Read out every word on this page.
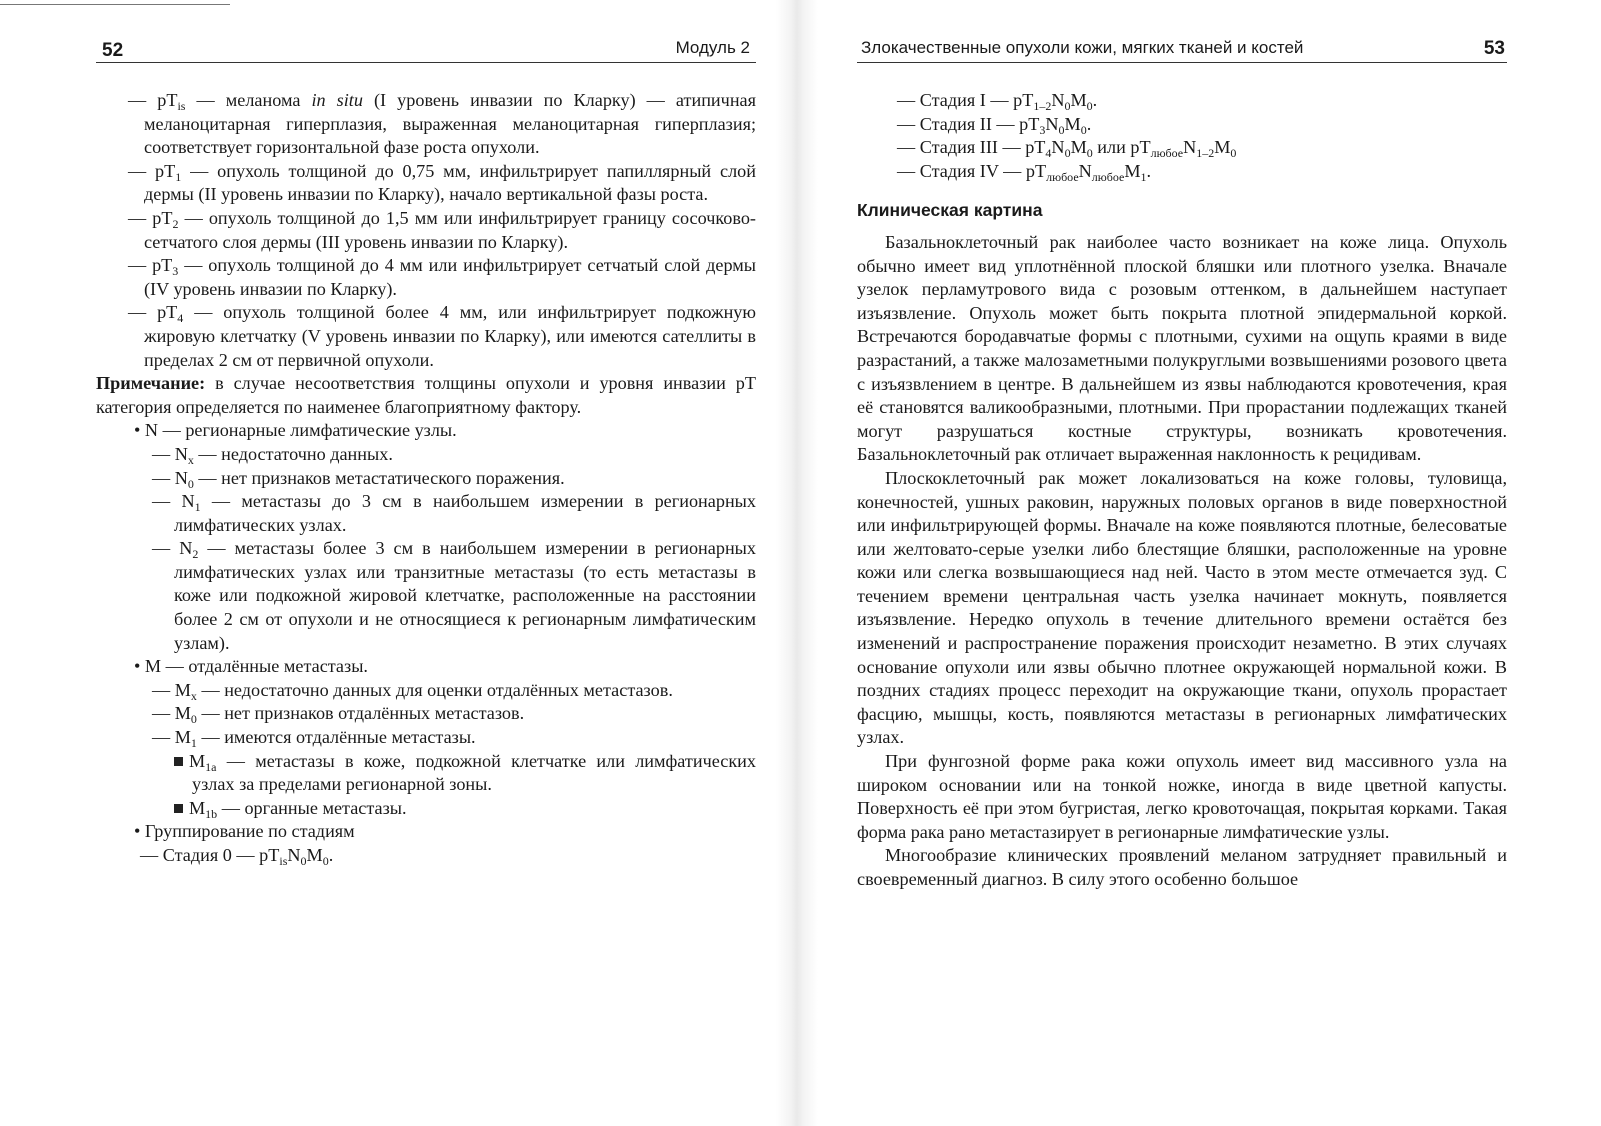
52	Модуль 2

— $pT_{is}$ — меланома in situ (I уровень инвазии по Кларку) — атипичная меланоцитарная гиперплазия, выраженная меланоцитарная гиперплазия; соответствует горизонтальной фазе роста опухоли.

— $pT_1$ — опухоль толщиной до 0,75 мм, инфильтрирует папиллярный слой дермы (II уровень инвазии по Кларку), начало вертикальной фазы роста.

— $pT_2$ — опухоль толщиной до 1,5 мм или инфильтрирует границу сосочково-сетчатого слоя дермы (III уровень инвазии по Кларку).

— $pT_3$ — опухоль толщиной до 4 мм или инфильтрирует сетчатый слой дермы (IV уровень инвазии по Кларку).

— $pT_4$ — опухоль толщиной более 4 мм, или инфильтрирует подкожную жировую клетчатку (V уровень инвазии по Кларку), или имеются сателлиты в пределах 2 см от первичной опухоли.

Примечание: в случае несоответствия толщины опухоли и уровня инвазии pT категория определяется по наименее благоприятному фактору.

• N — регионарные лимфатические узлы.

— $N_x$ — недостаточно данных.

— $N_0$ — нет признаков метастатического поражения.

— $N_1$ — метастазы до 3 см в наибольшем измерении в регионарных лимфатических узлах.

— $N_2$ — метастазы более 3 см в наибольшем измерении в регионарных лимфатических узлах или транзитные метастазы (то есть метастазы в коже или подкожной жировой клетчатке, расположенные на расстоянии более 2 см от опухоли и не относящиеся к регионарным лимфатическим узлам).

• M — отдалённые метастазы.

— $M_x$ — недостаточно данных для оценки отдалённых метастазов.

— $M_0$ — нет признаков отдалённых метастазов.

— $M_1$ — имеются отдалённые метастазы.

$M_{1a}$ — метастазы в коже, подкожной клетчатке или лимфатических узлах за пределами регионарной зоны.

$M_{1b}$ — органные метастазы.

• Группирование по стадиям

— Стадия 0 — $pT_{is}N_0M_0$.

Злокачественные опухоли кожи, мягких тканей и костей	53

— Стадия I — $pT_{1-2}N_0M_0$.

— Стадия II — $pT_3N_0M_0$.

— Стадия III — $pT_4N_0M_0$ или $pT_{любое}N_{1-2}M_0$

— Стадия IV — $pT_{любое}N_{любое}M_1$.

Клиническая картина

Базальноклеточный рак наиболее часто возникает на коже лица. Опухоль обычно имеет вид уплотнённой плоской бляшки или плотного узелка. Вначале узелок перламутрового вида с розовым оттенком, в дальнейшем наступает изъязвление. Опухоль может быть покрыта плотной эпидермальной коркой. Встречаются бородавчатые формы с плотными, сухими на ощупь краями в виде разрастаний, а также малозаметными полукруглыми возвышениями розового цвета с изъязвлением в центре. В дальнейшем из язвы наблюдаются кровотечения, края её становятся валикообразными, плотными. При прорастании подлежащих тканей могут разрушаться костные структуры, возникать кровотечения. Базальноклеточный рак отличает выраженная наклонность к рецидивам.

Плоскоклеточный рак может локализоваться на коже головы, туловища, конечностей, ушных раковин, наружных половых органов в виде поверхностной или инфильтрирующей формы. Вначале на коже появляются плотные, белесоватые или желтовато-серые узелки либо блестящие бляшки, расположенные на уровне кожи или слегка возвышающиеся над ней. Часто в этом месте отмечается зуд. С течением времени центральная часть узелка начинает мокнуть, появляется изъязвление. Нередко опухоль в течение длительного времени остаётся без изменений и распространение поражения происходит незаметно. В этих случаях основание опухоли или язвы обычно плотнее окружающей нормальной кожи. В поздних стадиях процесс переходит на окружающие ткани, опухоль прорастает фасцию, мышцы, кость, появляются метастазы в регионарных лимфатических узлах.

При фунгозной форме рака кожи опухоль имеет вид массивного узла на широком основании или на тонкой ножке, иногда в виде цветной капусты. Поверхность её при этом бугристая, легко кровоточащая, покрытая корками. Такая форма рака рано метастазирует в регионарные лимфатические узлы.

Многообразие клинических проявлений меланом затрудняет правильный и своевременный диагноз. В силу этого особенно большое
